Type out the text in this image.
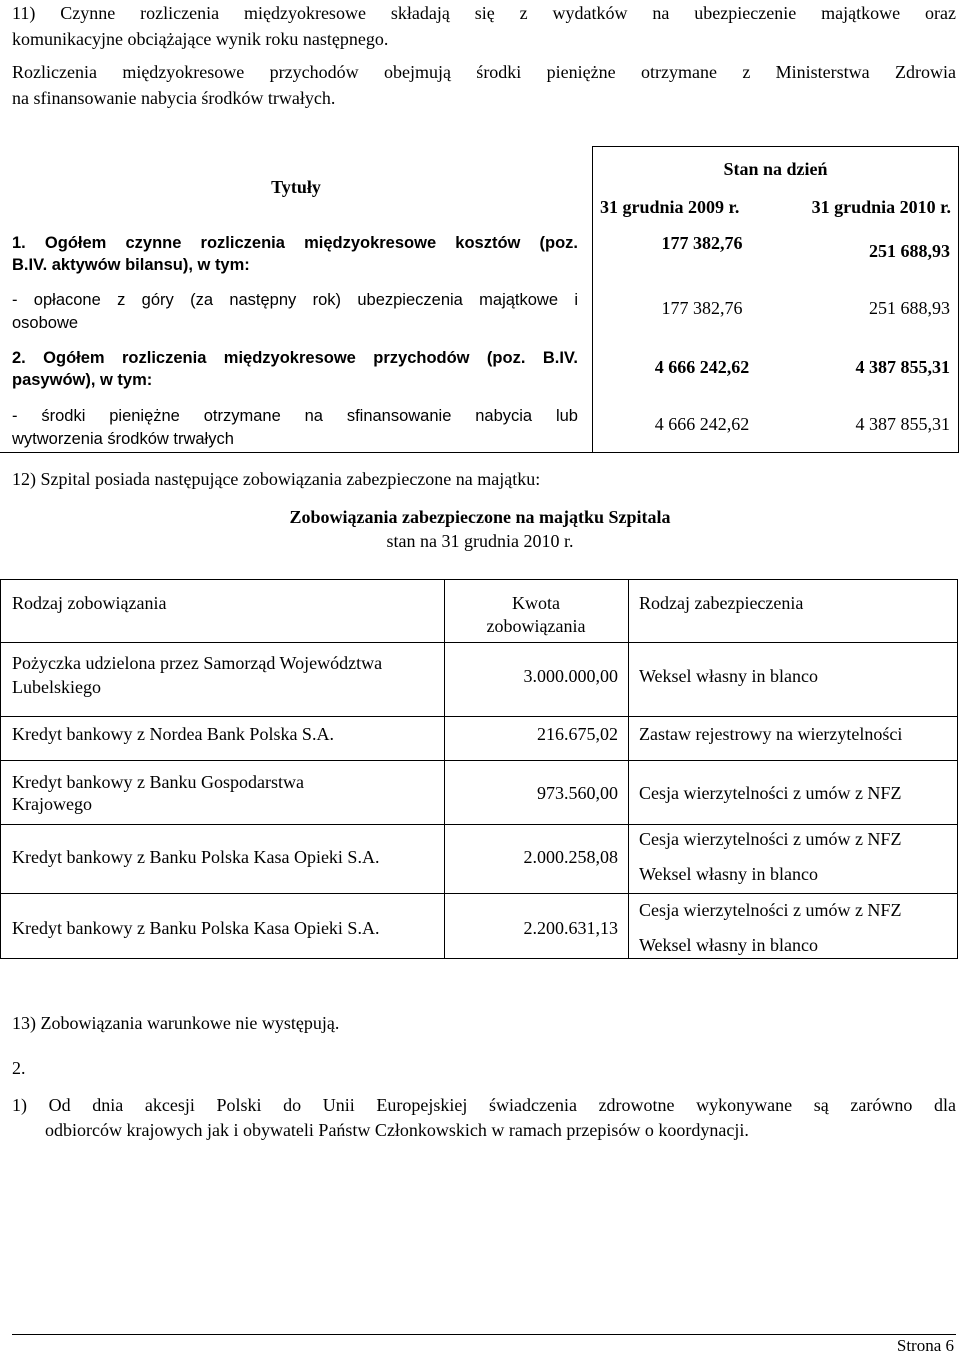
11) Czynne rozliczenia międzyokresowe składają się z wydatków na ubezpieczenie majątkowe oraz
komunikacyjne obciążające wynik roku następnego.
Rozliczenia międzyokresowe przychodów obejmują środki pieniężne otrzymane z Ministerstwa Zdrowia
na sfinansowanie nabycia środków trwałych.
Tytuły
Stan na dzień
31 grudnia 2009 r.	31 grudnia 2010 r.
1. Ogółem czynne rozliczenia międzyokresowe kosztów (poz.
B.IV. aktywów bilansu), w tym:
177 382,76	251 688,93
- opłacone z góry (za następny rok) ubezpieczenia majątkowe i
osobowe
177 382,76	251 688,93
2. Ogółem rozliczenia międzyokresowe przychodów (poz. B.IV.
pasywów), w tym:
4 666 242,62	4 387 855,31
- środki pieniężne otrzymane na sfinansowanie nabycia lub
wytworzenia środków trwałych
4 666 242,62	4 387 855,31
12) Szpital posiada następujące zobowiązania zabezpieczone na majątku:
Zobowiązania zabezpieczone na majątku Szpitala
stan na 31 grudnia 2010 r.
Rodzaj zobowiązania	Kwota
zobowiązania
Rodzaj zabezpieczenia
Pożyczka udzielona przez Samorząd Województwa
Lubelskiego
3.000.000,00 Weksel własny in blanco
Kredyt bankowy z Nordea Bank Polska S.A.	216.675,02 Zastaw rejestrowy na wierzytelności
Kredyt bankowy z Banku Gospodarstwa
Krajowego
973.560,00 Cesja wierzytelności z umów z NFZ
Kredyt bankowy z Banku Polska Kasa Opieki S.A.	2.000.258,08
Cesja wierzytelności z umów z NFZ
Weksel własny in blanco
Kredyt bankowy z Banku Polska Kasa Opieki S.A.	2.200.631,13
Cesja wierzytelności z umów z NFZ
Weksel własny in blanco
13) Zobowiązania warunkowe nie występują.
2.
1) Od dnia akcesji Polski do Unii Europejskiej świadczenia zdrowotne wykonywane są zarówno dla
odbiorców krajowych jak i obywateli Państw Członkowskich w ramach przepisów o koordynacji.
Strona 6
